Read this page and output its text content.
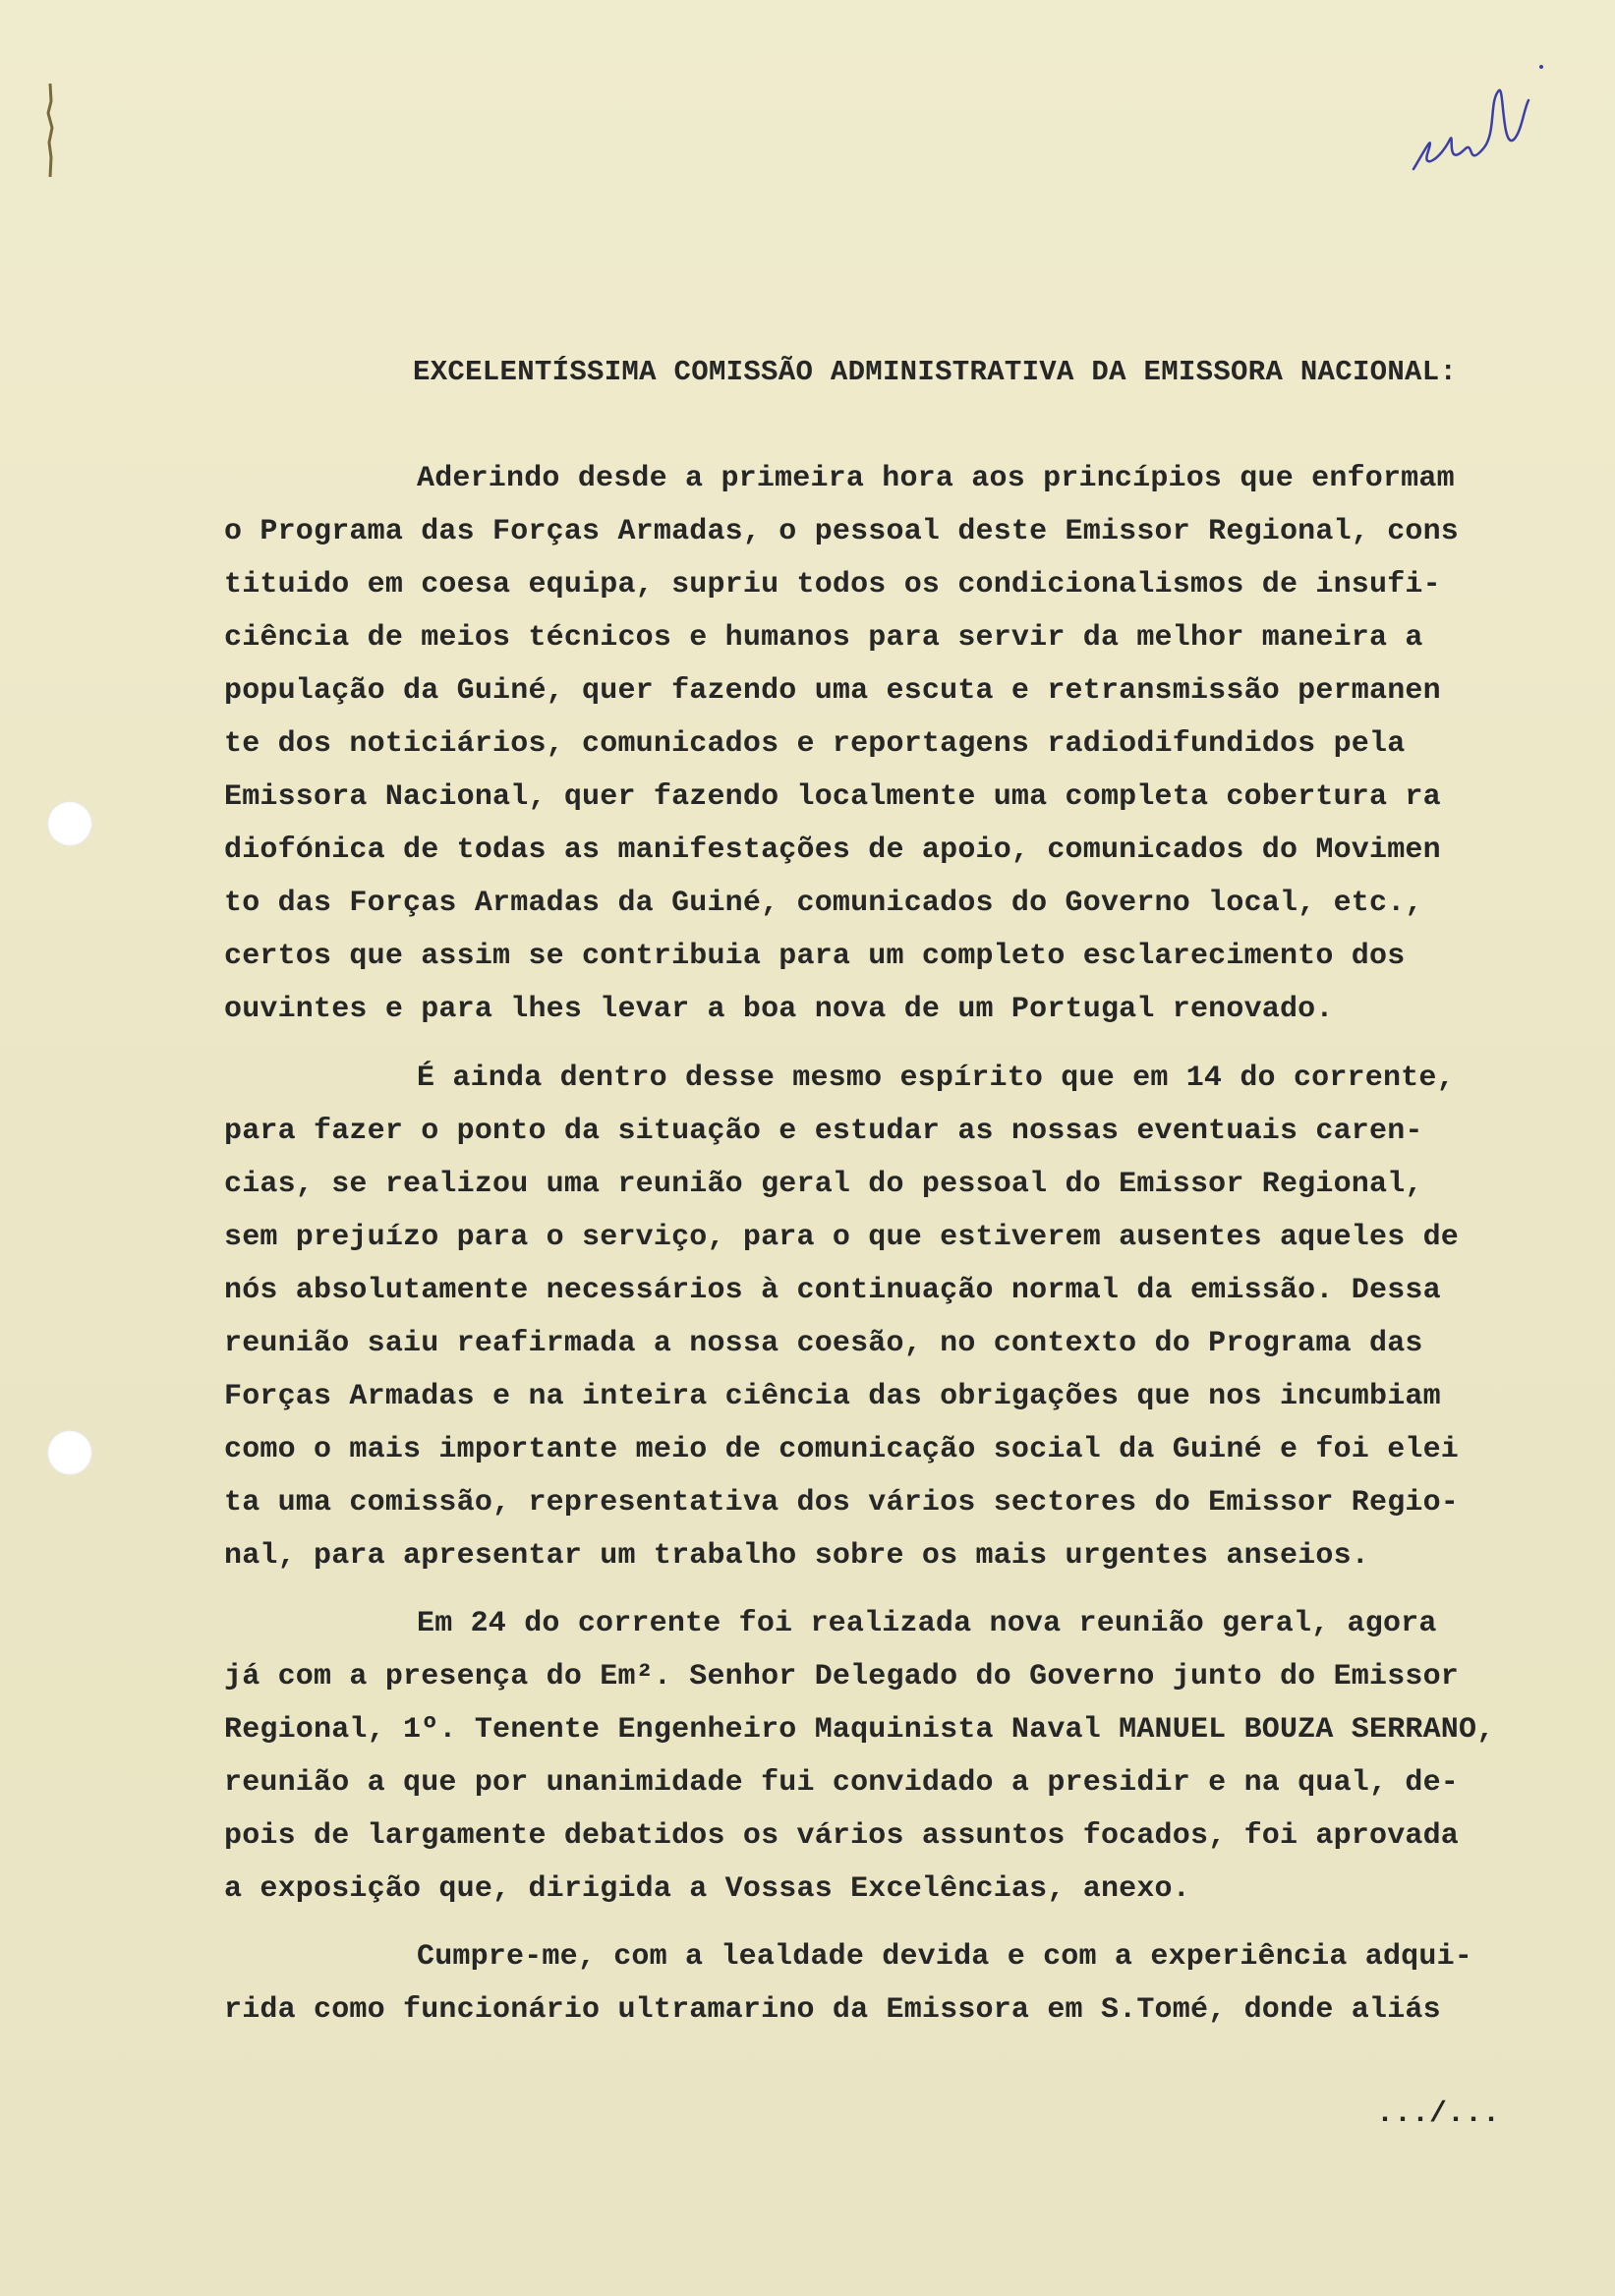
EXCELENTÍSSIMA COMISSÃO ADMINISTRATIVA DA EMISSORA NACIONAL:
Aderindo desde a primeira hora aos princípios que enformam
o Programa das Forças Armadas, o pessoal deste Emissor Regional, cons
tituido em coesa equipa, supriu todos os condicionalismos de insufi-
ciência de meios técnicos e humanos para servir da melhor maneira a
população da Guiné, quer fazendo uma escuta e retransmissão permanen
te dos noticiários, comunicados e reportagens radiodifundidos pela
Emissora Nacional, quer fazendo localmente uma completa cobertura ra
diofónica de todas as manifestações de apoio, comunicados do Movimen
to das Forças Armadas da Guiné, comunicados do Governo local, etc.,
certos que assim se contribuia para um completo esclarecimento dos
ouvintes e para lhes levar a boa nova de um Portugal renovado.
É ainda dentro desse mesmo espírito que em 14 do corrente,
para fazer o ponto da situação e estudar as nossas eventuais caren-
cias, se realizou uma reunião geral do pessoal do Emissor Regional,
sem prejuízo para o serviço, para o que estiverem ausentes aqueles de
nós absolutamente necessários à continuação normal da emissão. Dessa
reunião saiu reafirmada a nossa coesão, no contexto do Programa das
Forças Armadas e na inteira ciência das obrigações que nos incumbiam
como o mais importante meio de comunicação social da Guiné e foi elei
ta uma comissão, representativa dos vários sectores do Emissor Regio-
nal, para apresentar um trabalho sobre os mais urgentes anseios.
Em 24 do corrente foi realizada nova reunião geral, agora
já com a presença do Em². Senhor Delegado do Governo junto do Emissor
Regional, 1º. Tenente Engenheiro Maquinista Naval MANUEL BOUZA SERRANO,
reunião a que por unanimidade fui convidado a presidir e na qual, de-
pois de largamente debatidos os vários assuntos focados, foi aprovada
a exposição que, dirigida a Vossas Excelências, anexo.
Cumpre-me, com a lealdade devida e com a experiência adqui-
rida como funcionário ultramarino da Emissora em S.Tomé, donde aliás
.../...
